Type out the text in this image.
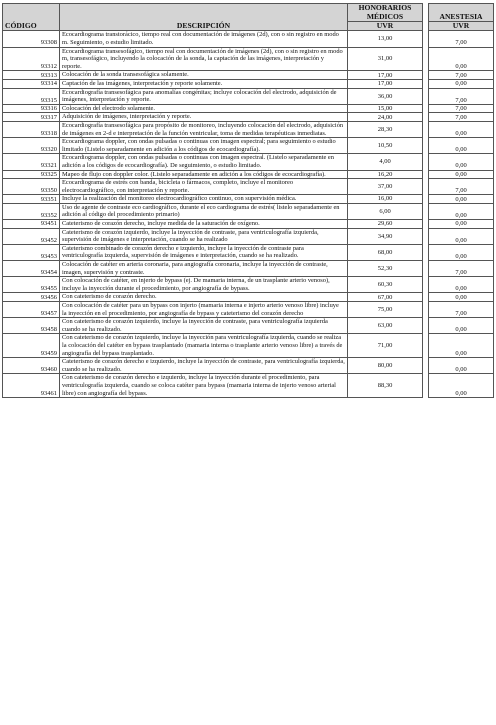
CÓDIGO	DESCRIPCIÓN	HONORARIOS MÉDICOS		ANESTESIA
		UVR		UVR
93308	Ecocardiograma transtorácico, tiempo real con documentación de imágenes (2d), con o sin registro en modo m. Seguimiento, o estudio limitado.	13,00		7,00
93312	Ecocardiograma transesofágico, tiempo real con documentación de imágenes (2d), con o sin registro en modo m, transesofágico, incluyendo la colocación de la sonda, la captación de las imágenes, interpretación y reporte.	31,00		0,00
93313	Colocación de la sonda transesofágica solamente.	17,00		7,00
93314	Captación de las imágenes, interpretación y reporte solamente.	17,00		0,00
93315	Ecocardiografía transesofágica para anomalías congénitas; incluye colocación del electrodo, adquisición de imágenes, interpretación y reporte.	36,00		7,00
93316	Colocación del electrodo solamente.	15,00		7,00
93317	Adquisición de imágenes, interpretación y reporte.	24,00		7,00
93318	Ecocardiografía transesofágica para propósito de monitoreo, incluyendo colocación del electrodo, adquisición de imágenes en 2-d e interpretación de la función ventricular, toma de medidas terapéuticas inmediatas.	28,30		0,00
93320	Ecocardiograma doppler, con ondas pulsadas o continuas con imagen espectral; para seguimiento o estudio limitado (Listelo separadamente en adición a los códigos de ecocardiografía).	10,50		0,00
93321	Ecocardiograma doppler, con ondas pulsadas o continuas con imagen espectral. (Listelo separadamente en adición a los códigos de ecocardiografía). De seguimiento, o estudio limitado.	4,00		0,00
93325	Mapeo de flujo con doppler color. (Listelo separadamente en adición a los códigos de ecocardiografía).	16,20		0,00
93350	Ecocardiograma de estrés con banda, bicicleta o fármacos, completo, incluye el monitoreo electrocardiográfico, con interpretación y reporte.	37,00		7,00
93351	Incluye la realización del monitoreo electrocardiográfico continuo, con supervisión médica.	16,00		0,00
93352	Uso de agente de contraste eco cardiográfico, durante el eco cardiograma de estrés( listelo separadamente en adición al código del procedimiento primario)	6,00		0,00
93451	Cateterismo de corazón derecho, incluye medida de la saturación de oxígeno.	29,60		0,00
93452	Cateterismo de corazón izquierdo, incluye la inyección de contraste, para ventriculografía izquierda, supervisión de imágenes e interpretación, cuando se ha realizado	34,90		0,00
93453	Cateterismo combinado de corazón derecho e izquierdo, incluye la inyección de contraste para ventriculografía izquierda, supervisión de imágenes e interpretación, cuando se ha realizado.	68,00		0,00
93454	Colocación de catéter en arteria coronaria, para angiografía coronaria, incluye la inyección de contraste, imagen, supervisión y contraste.	52,30		7,00
93455	Con colocación de catéter, en injerto de bypass (ej. De mamaria interna, de un trasplante arterio venoso), incluye la inyección durante el procedimiento, por angiografía de bypass.	60,30		0,00
93456	Con cateterismo de corazón derecho.	67,00		0,00
93457	Con colocación de catéter para un bypass con injerto (mamaria interna e injerto arterio venoso libre) incluye la inyección en el procedimiento, por angiografía de bypass y cateterismo del corazón derecho	75,00		7,00
93458	Con cateterismo de corazón izquierdo, incluye la inyección de contraste, para ventriculografía izquierda cuando se ha realizado.	63,00		0,00
93459	Con cateterismo de corazón izquierdo, incluye la inyección para ventriculografía izquierda, cuando se realiza la colocación del catéter en bypass trasplantado (mamaria interna o trasplante arterio venoso libre) a través de angiografía del bypass trasplantado.	71,00		0,00
93460	Cateterismo de corazón derecho e izquierdo, incluye la inyección de contraste, para ventriculografía izquierda, cuando se ha realizado.	80,00		0,00
93461	Con cateterismo de corazón derecho e izquierdo, incluye la inyección durante el procedimiento, para ventriculografía izquierda, cuando se coloca catéter para bypass (mamaria interna de injerto venoso arterial libre) con angiografía del bypass.	88,30		0,00
